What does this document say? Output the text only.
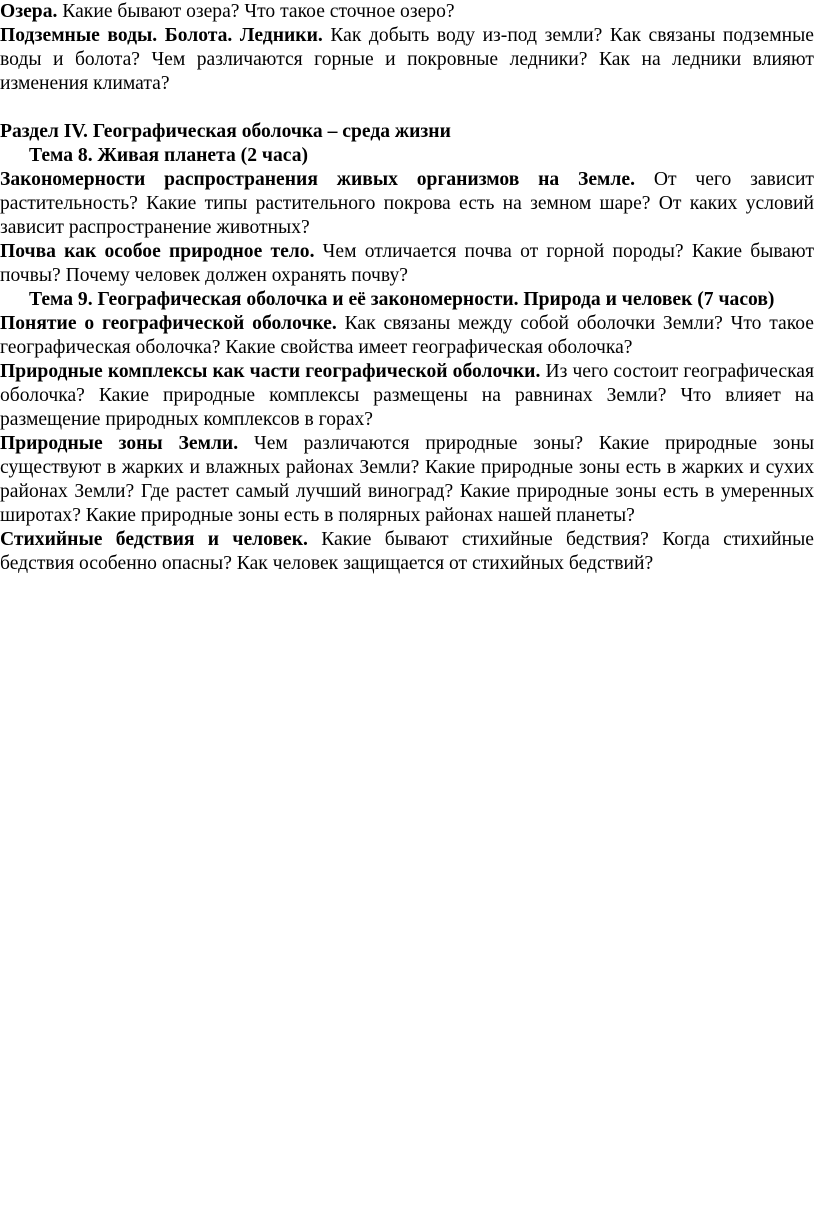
Озера. Какие бывают озера? Что такое сточное озеро?

Подземные воды. Болота. Ледники. Как добыть воду из-под земли? Как связаны подземные воды и болота? Чем различаются горные и покровные ледники? Как на ледники влияют изменения климата?

Раздел IV. Географическая оболочка – среда жизни

Тема 8. Живая планета (2 часа)

Закономерности распространения живых организмов на Земле. От чего зависит растительность? Какие типы растительного покрова есть на земном шаре? От каких условий зависит распространение животных?

Почва как особое природное тело. Чем отличается почва от горной породы? Какие бывают почвы? Почему человек должен охранять почву?

Тема 9. Географическая оболочка и её закономерности. Природа и человек (7 часов)

Понятие о географической оболочке. Как связаны между собой оболочки Земли? Что такое географическая оболочка? Какие свойства имеет географическая оболочка?

Природные комплексы как части географической оболочки. Из чего состоит географическая оболочка? Какие природные комплексы размещены на равнинах Земли? Что влияет на размещение природных комплексов в горах?

Природные зоны Земли. Чем различаются природные зоны? Какие природные зоны существуют в жарких и влажных районах Земли? Какие природные зоны есть в жарких и сухих районах Земли? Где растет самый лучший виноград? Какие природные зоны есть в умеренных широтах? Какие природные зоны есть в полярных районах нашей планеты?

Стихийные бедствия и человек. Какие бывают стихийные бедствия? Когда стихийные бедствия особенно опасны? Как человек защищается от стихийных бедствий?
